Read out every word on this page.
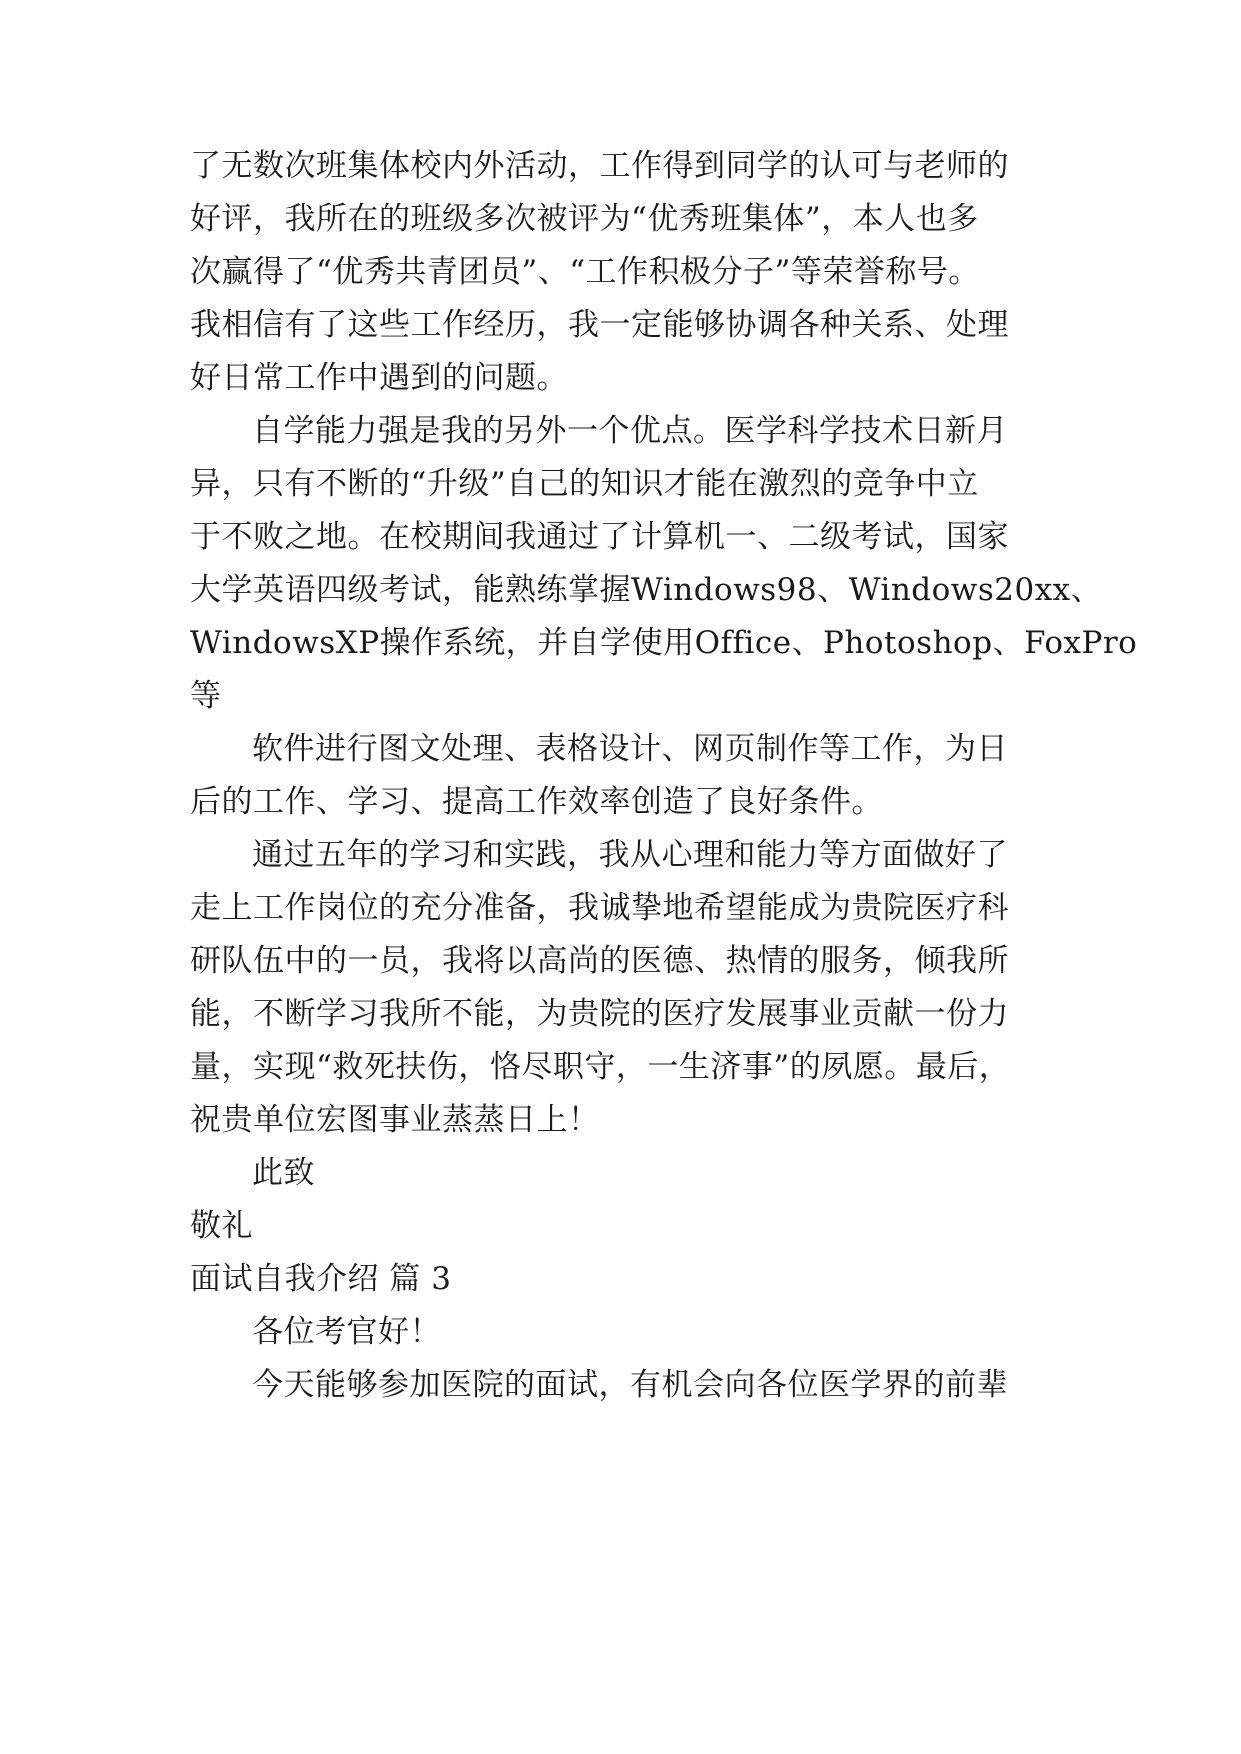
了无数次班集体校内外活动，工作得到同学的认可与老师的
好评，我所在的班级多次被评为“优秀班集体”，本人也多
次赢得了“优秀共青团员”、“工作积极分子”等荣誉称号。
我相信有了这些工作经历，我一定能够协调各种关系、处理
好日常工作中遇到的问题。
自学能力强是我的另外一个优点。医学科学技术日新月
异，只有不断的“升级”自己的知识才能在激烈的竞争中立
于不败之地。在校期间我通过了计算机一、二级考试，国家
大学英语四级考试，能熟练掌握Windows98、Windows20xx、
WindowsXP操作系统，并自学使用Office、Photoshop、FoxPro
等
软件进行图文处理、表格设计、网页制作等工作，为日
后的工作、学习、提高工作效率创造了良好条件。
通过五年的学习和实践，我从心理和能力等方面做好了
走上工作岗位的充分准备，我诚挚地希望能成为贵院医疗科
研队伍中的一员，我将以高尚的医德、热情的服务，倾我所
能，不断学习我所不能，为贵院的医疗发展事业贡献一份力
量，实现“救死扶伤，恪尽职守，一生济事”的夙愿。最后，
祝贵单位宏图事业蒸蒸日上！
此致
敬礼
面试自我介绍 篇 3
各位考官好！
今天能够参加医院的面试，有机会向各位医学界的前辈
